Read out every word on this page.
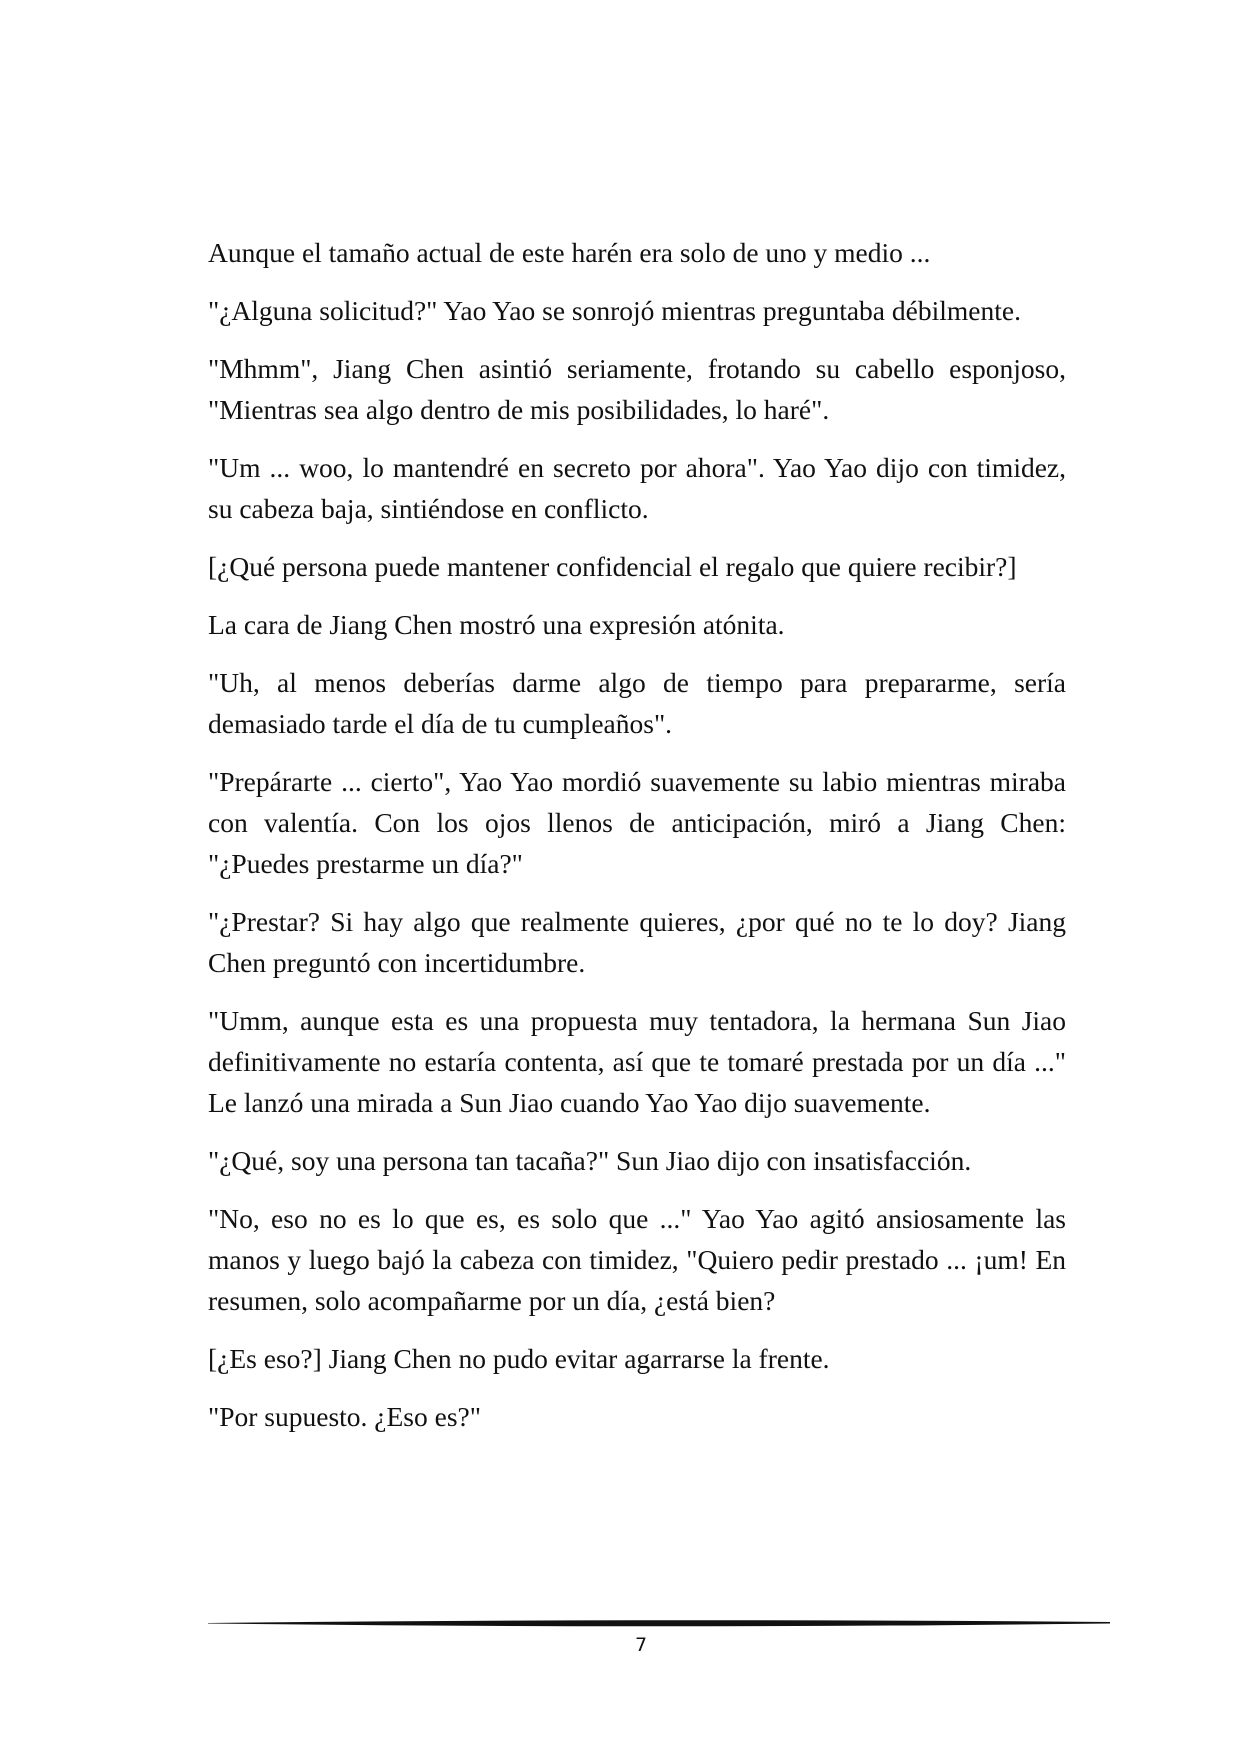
Aunque el tamaño actual de este harén era solo de uno y medio ...

"¿Alguna solicitud?" Yao Yao se sonrojó mientras preguntaba débilmente.

"Mhmm", Jiang Chen asintió seriamente, frotando su cabello esponjoso, "Mientras sea algo dentro de mis posibilidades, lo haré".

"Um ... woo, lo mantendré en secreto por ahora". Yao Yao dijo con timidez, su cabeza baja, sintiéndose en conflicto.

[¿Qué persona puede mantener confidencial el regalo que quiere recibir?]

La cara de Jiang Chen mostró una expresión atónita.

"Uh, al menos deberías darme algo de tiempo para prepararme, sería demasiado tarde el día de tu cumpleaños".

"Prepárarte ... cierto", Yao Yao mordió suavemente su labio mientras miraba con valentía. Con los ojos llenos de anticipación, miró a Jiang Chen: "¿Puedes prestarme un día?"

"¿Prestar? Si hay algo que realmente quieres, ¿por qué no te lo doy? Jiang Chen preguntó con incertidumbre.

"Umm, aunque esta es una propuesta muy tentadora, la hermana Sun Jiao definitivamente no estaría contenta, así que te tomaré prestada por un día ..." Le lanzó una mirada a Sun Jiao cuando Yao Yao dijo suavemente.

"¿Qué, soy una persona tan tacaña?" Sun Jiao dijo con insatisfacción.

"No, eso no es lo que es, es solo que ..." Yao Yao agitó ansiosamente las manos y luego bajó la cabeza con timidez, "Quiero pedir prestado ... ¡um! En resumen, solo acompañarme por un día, ¿está bien?

[¿Es eso?] Jiang Chen no pudo evitar agarrarse la frente.

"Por supuesto. ¿Eso es?"

7
